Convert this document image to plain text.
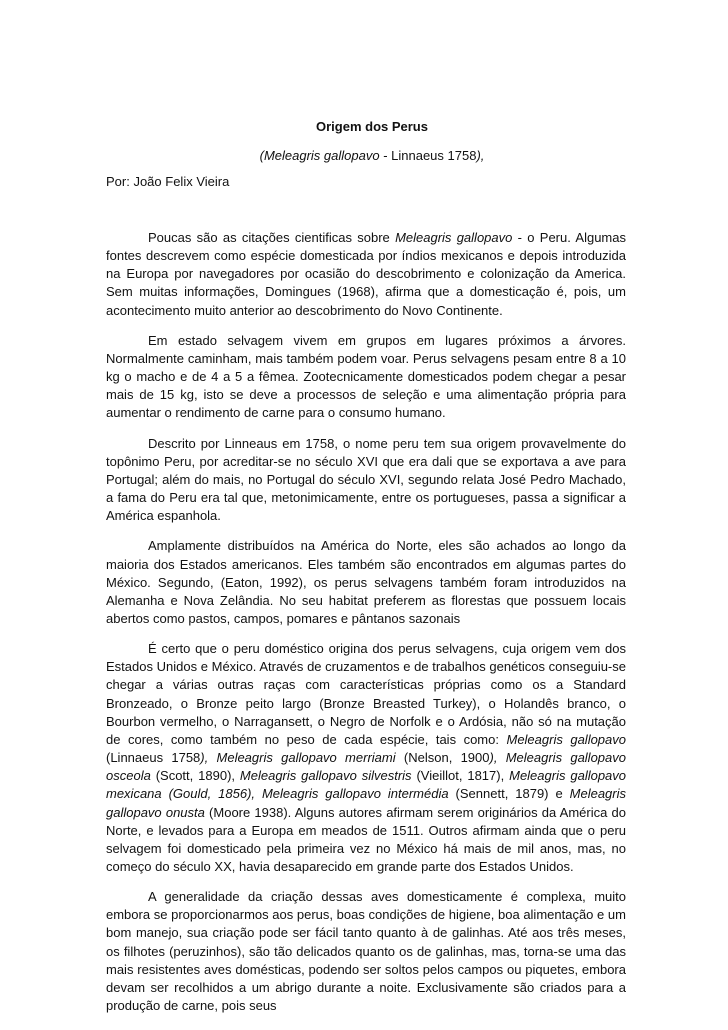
Origem dos Perus
(Meleagris gallopavo - Linnaeus 1758),
Por: João Felix Vieira

Poucas são as citações cientificas sobre Meleagris gallopavo - o Peru. Algumas fontes descrevem como espécie domesticada por índios mexicanos e depois introduzida na Europa por navegadores por ocasião do descobrimento e colonização da America. Sem muitas informações, Domingues (1968), afirma que a domesticação é, pois, um acontecimento muito anterior ao descobrimento do Novo Continente.

Em estado selvagem vivem em grupos em lugares próximos a árvores. Normalmente caminham, mais também podem voar. Perus selvagens pesam entre 8 a 10 kg o macho e de 4 a 5 a fêmea. Zootecnicamente domesticados podem chegar a pesar mais de 15 kg, isto se deve a processos de seleção e uma alimentação própria para aumentar o rendimento de carne para o consumo humano.

Descrito por Linneaus em 1758, o nome peru tem sua origem provavelmente do topônimo Peru, por acreditar-se no século XVI que era dali que se exportava a ave para Portugal; além do mais, no Portugal do século XVI, segundo relata José Pedro Machado, a fama do Peru era tal que, metonimicamente, entre os portugueses, passa a significar a América espanhola.

Amplamente distribuídos na América do Norte, eles são achados ao longo da maioria dos Estados americanos. Eles também são encontrados em algumas partes do México. Segundo, (Eaton, 1992), os perus selvagens também foram introduzidos na Alemanha e Nova Zelândia. No seu habitat preferem as florestas que possuem locais abertos como pastos, campos, pomares e pântanos sazonais

É certo que o peru doméstico origina dos perus selvagens, cuja origem vem dos Estados Unidos e México. Através de cruzamentos e de trabalhos genéticos conseguiu-se chegar a várias outras raças com características próprias como os a Standard Bronzeado, o Bronze peito largo (Bronze Breasted Turkey), o Holandês branco, o Bourbon vermelho, o Narragansett, o Negro de Norfolk e o Ardósia, não só na mutação de cores, como também no peso de cada espécie, tais como: Meleagris gallopavo (Linnaeus 1758), Meleagris gallopavo merriami (Nelson, 1900), Meleagris gallopavo osceola (Scott, 1890), Meleagris gallopavo silvestris (Vieillot, 1817), Meleagris gallopavo mexicana (Gould, 1856), Meleagris gallopavo intermédia (Sennett, 1879) e Meleagris gallopavo onusta (Moore 1938). Alguns autores afirmam serem originários da América do Norte, e levados para a Europa em meados de 1511. Outros afirmam ainda que o peru selvagem foi domesticado pela primeira vez no México há mais de mil anos, mas, no começo do século XX, havia desaparecido em grande parte dos Estados Unidos.

A generalidade da criação dessas aves domesticamente é complexa, muito embora se proporcionarmos aos perus, boas condições de higiene, boa alimentação e um bom manejo, sua criação pode ser fácil tanto quanto à de galinhas. Até aos três meses, os filhotes (peruzinhos), são tão delicados quanto os de galinhas, mas, torna-se uma das mais resistentes aves domésticas, podendo ser soltos pelos campos ou piquetes, embora devam ser recolhidos a um abrigo durante a noite. Exclusivamente são criados para a produção de carne, pois seus
